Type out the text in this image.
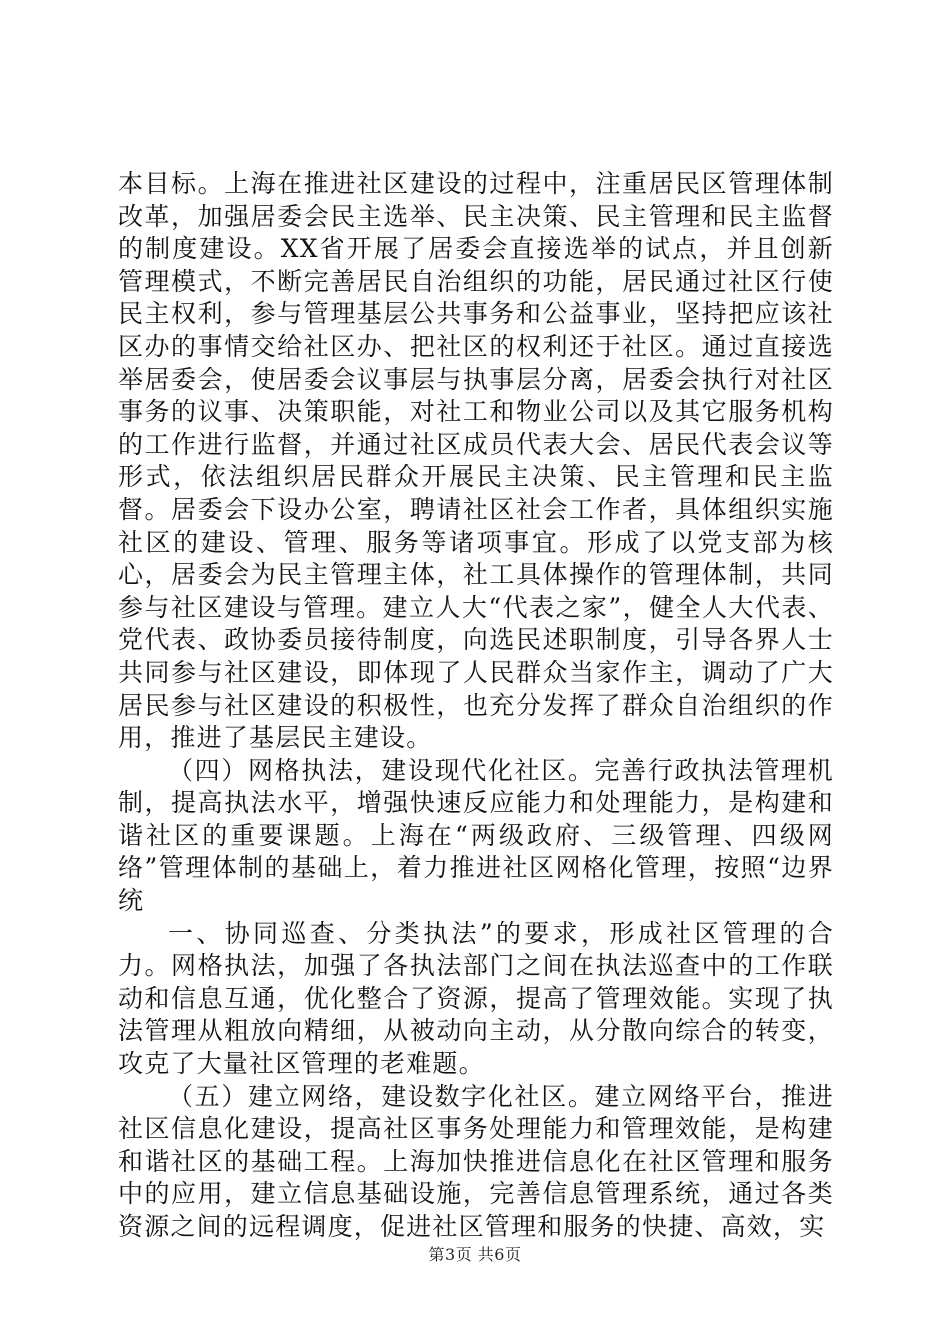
本目标。上海在推进社区建设的过程中，注重居民区管理体制改革，加强居委会民主选举、民主决策、民主管理和民主监督的制度建设。XX省开展了居委会直接选举的试点，并且创新管理模式，不断完善居民自治组织的功能，居民通过社区行使民主权利，参与管理基层公共事务和公益事业，坚持把应该社区办的事情交给社区办、把社区的权利还于社区。通过直接选举居委会，使居委会议事层与执事层分离，居委会执行对社区事务的议事、决策职能，对社工和物业公司以及其它服务机构的工作进行监督，并通过社区成员代表大会、居民代表会议等形式，依法组织居民群众开展民主决策、民主管理和民主监督。居委会下设办公室，聘请社区社会工作者，具体组织实施社区的建设、管理、服务等诸项事宜。形成了以党支部为核心，居委会为民主管理主体，社工具体操作的管理体制，共同参与社区建设与管理。建立人大“代表之家”，健全人大代表、党代表、政协委员接待制度，向选民述职制度，引导各界人士共同参与社区建设，即体现了人民群众当家作主，调动了广大居民参与社区建设的积极性，也充分发挥了群众自治组织的作用，推进了基层民主建设。

（四）网格执法，建设现代化社区。完善行政执法管理机制，提高执法水平，增强快速反应能力和处理能力，是构建和谐社区的重要课题。上海在“两级政府、三级管理、四级网络”管理体制的基础上，着力推进社区网格化管理，按照“边界统

一、协同巡查、分类执法”的要求，形成社区管理的合力。网格执法，加强了各执法部门之间在执法巡查中的工作联动和信息互通，优化整合了资源，提高了管理效能。实现了执法管理从粗放向精细，从被动向主动，从分散向综合的转变，攻克了大量社区管理的老难题。

（五）建立网络，建设数字化社区。建立网络平台，推进社区信息化建设，提高社区事务处理能力和管理效能，是构建和谐社区的基础工程。上海加快推进信息化在社区管理和服务中的应用，建立信息基础设施，完善信息管理系统，通过各类资源之间的远程调度，促进社区管理和服务的快捷、高效，实

第3页 共6页
